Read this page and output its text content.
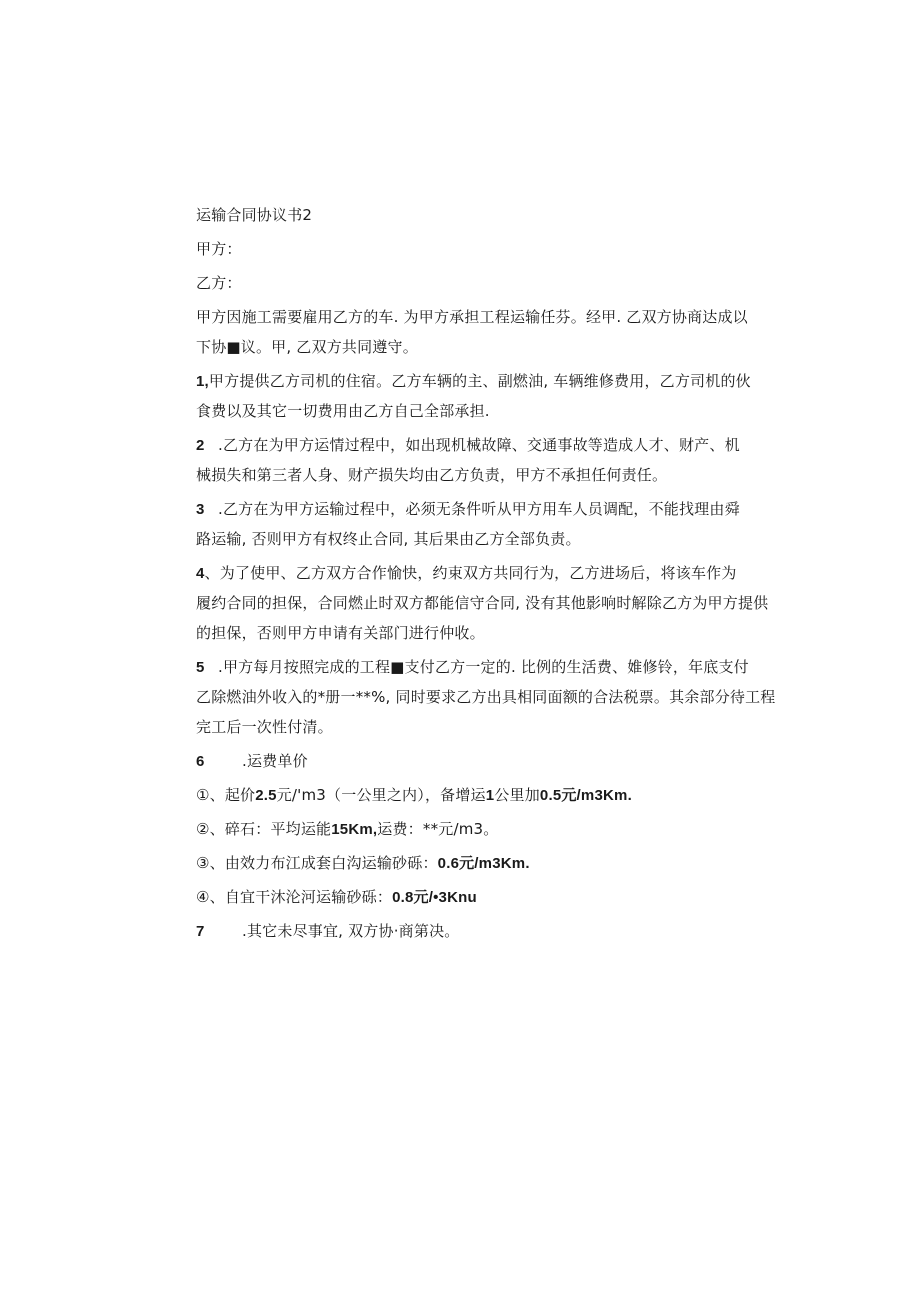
运输合同协议书2
甲方：
乙方：
甲方因施工需要雇用乙方的车. 为甲方承担工程运输任芬。经甲. 乙双方协商达成以
下协■议。甲, 乙双方共同遵守。
1,甲方提供乙方司机的住宿。乙方车辆的主、副燃油, 车辆维修费用，乙方司机的伙
食费以及其它一切费用由乙方自己全部承担.
2 .乙方在为甲方运情过程中，如出现机械故障、交通事故等造成人才、财产、机
械损失和第三者人身、财产损失均由乙方负责，甲方不承担任何责任。
3 .乙方在为甲方运输过程中，必须无条件听从甲方用车人员调配，不能找理由舜
路运输, 否则甲方有权终止合同, 其后果由乙方全部负责。
4、为了使甲、乙方双方合作愉快，约束双方共同行为，乙方进场后，将该车作为
履约合同的担保，合同燃止时双方都能信守合同, 没有其他影响时解除乙方为甲方提供
的担保，否则甲方申请有关部门进行仲收。
5 .甲方每月按照完成的工程■支付乙方一定的. 比例的生活费、婎修铃，年底支付
乙除燃油外收入的*册一**%, 同时要求乙方出具相同面额的合法税票。其余部分待工程
完工后一次性付清。
6 .运费单价
①、起价2.5元/'m3（一公里之内），备增运1公里加0.5元/m3Km.
②、碎石：平均运能15Km,运费：**元/m3。
③、由效力布江成套白沟运输砂砾：0.6元/m3Km.
④、自宜干沐沦河运输砂砾：0.8元/•3Knu
7 .其它未尽事宜, 双方协·商第决。
